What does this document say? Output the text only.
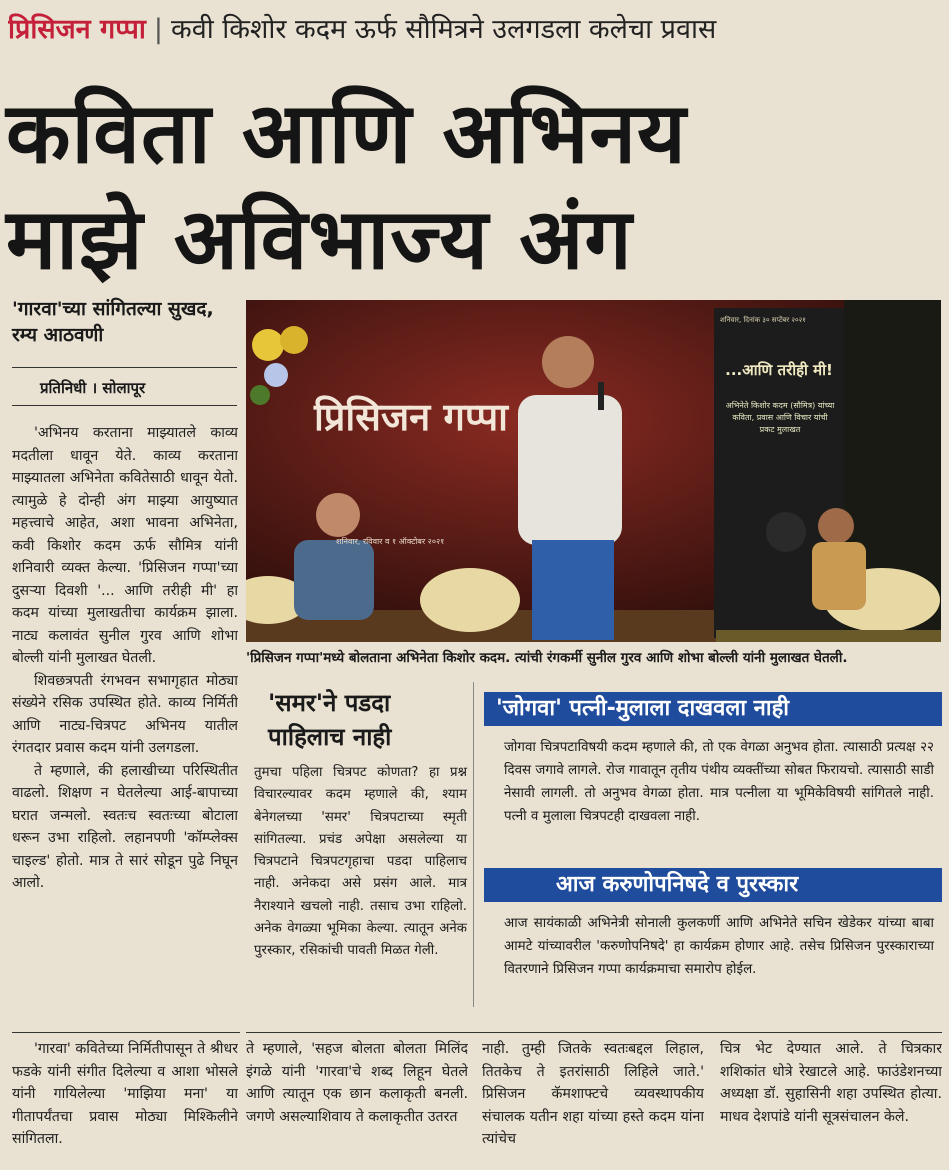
प्रिसिजन गप्पा | कवी किशोर कदम ऊर्फ सौमित्रने उलगडला कलेचा प्रवास
कविता आणि अभिनय
माझे अविभाज्य अंग
'गारवा'च्या सांगितल्या सुखद, रम्य आठवणी
प्रतिनिधी । सोलापूर

'अभिनय करताना माझ्यातले काव्य मदतीला धावून येते. काव्य करताना माझ्यातला अभिनेता कवितेसाठी धावून येतो. त्यामुळे हे दोन्ही अंग माझ्या आयुष्यात महत्त्वाचे आहेत, अशा भावना अभिनेता, कवी किशोर कदम ऊर्फ सौमित्र यांनी शनिवारी व्यक्त केल्या. 'प्रिसिजन गप्पा'च्या दुसऱ्या दिवशी '... आणि तरीही मी' हा कदम यांच्या मुलाखतीचा कार्यक्रम झाला. नाट्य कलावंत सुनील गुरव आणि शोभा बोल्ली यांनी मुलाखत घेतली.

शिवछत्रपती रंगभवन सभागृहात मोठ्या संख्येने रसिक उपस्थित होते. काव्य निर्मिती आणि नाट्य-चित्रपट अभिनय यातील रंगतदार प्रवास कदम यांनी उलगडला.

ते म्हणाले, की हलाखीच्या परिस्थितीत वाढलो. शिक्षण न घेतलेल्या आई-बापाच्या घरात जन्मलो. स्वतःच स्वतःच्या बोटाला धरून उभा राहिलो. लहानपणी 'कॉम्प्लेक्स चाइल्ड' होतो. मात्र ते सारं सोडून पुढे निघून आलो.

प्रिसिजन गप्पा
शनिवार, रविवार व १ ऑक्टोबर २०२१
शनिवार, दिनांक ३० सप्टेंबर २०२१
...आणि तरीही मी!
अभिनेते किशोर कदम (सौमित्र) यांच्या कविता, प्रवास आणि विचार यांची प्रकट मुलाखत
'प्रिसिजन गप्पा'मध्ये बोलताना अभिनेता किशोर कदम. त्यांची रंगकर्मी सुनील गुरव आणि शोभा बोल्ली यांनी मुलाखत घेतली.
'समर'ने पडदा पाहिलाच नाही
तुमचा पहिला चित्रपट कोणता? हा प्रश्न विचारल्यावर कदम म्हणाले की, श्याम बेनेगलच्या 'समर' चित्रपटाच्या स्मृती सांगितल्या. प्रचंड अपेक्षा असलेल्या या चित्रपटाने चित्रपटगृहाचा पडदा पाहिलाच नाही. अनेकदा असे प्रसंग आले. मात्र नैराश्याने खचलो नाही. तसाच उभा राहिलो. अनेक वेगळ्या भूमिका केल्या. त्यातून अनेक पुरस्कार, रसिकांची पावती मिळत गेली.
'जोगवा' पत्नी-मुलाला दाखवला नाही
जोगवा चित्रपटाविषयी कदम म्हणाले की, तो एक वेगळा अनुभव होता. त्यासाठी प्रत्यक्ष २२ दिवस जगावे लागले. रोज गावातून तृतीय पंथीय व्यक्तींच्या सोबत फिरायचो. त्यासाठी साडी नेसावी लागली. तो अनुभव वेगळा होता. मात्र पत्नीला या भूमिकेविषयी सांगितले नाही. पत्नी व मुलाला चित्रपटही दाखवला नाही.
आज करुणोपनिषदे व पुरस्कार
आज सायंकाळी अभिनेत्री सोनाली कुलकर्णी आणि अभिनेते सचिन खेडेकर यांच्या बाबा आमटे यांच्यावरील 'करुणोपनिषदे' हा कार्यक्रम होणार आहे. तसेच प्रिसिजन पुरस्काराच्या वितरणाने प्रिसिजन गप्पा कार्यक्रमाचा समारोप होईल.

'गारवा' कवितेच्या निर्मितीपासून ते श्रीधर फडके यांनी संगीत दिलेल्या व आशा भोसले यांनी गायिलेल्या 'माझिया मना' या गीतापर्यंतचा प्रवास मोठ्या मिश्किलीने सांगितला.

ते म्हणाले, 'सहज बोलता बोलता मिलिंद इंगळे यांनी 'गारवा'चे शब्द लिहून घेतले आणि त्यातून एक छान कलाकृती बनली. जगणे असल्याशिवाय ते कलाकृतीत उतरत

नाही. तुम्ही जितके स्वतःबद्दल लिहाल, तितकेच ते इतरांसाठी लिहिले जाते.' प्रिसिजन कॅमशाफ्टचे व्यवस्थापकीय संचालक यतीन शहा यांच्या हस्ते कदम यांना त्यांचेच

चित्र भेट देण्यात आले. ते चित्रकार शशिकांत धोत्रे रेखाटले आहे. फाउंडेशनच्या अध्यक्षा डॉ. सुहासिनी शहा उपस्थित होत्या. माधव देशपांडे यांनी सूत्रसंचालन केले.
